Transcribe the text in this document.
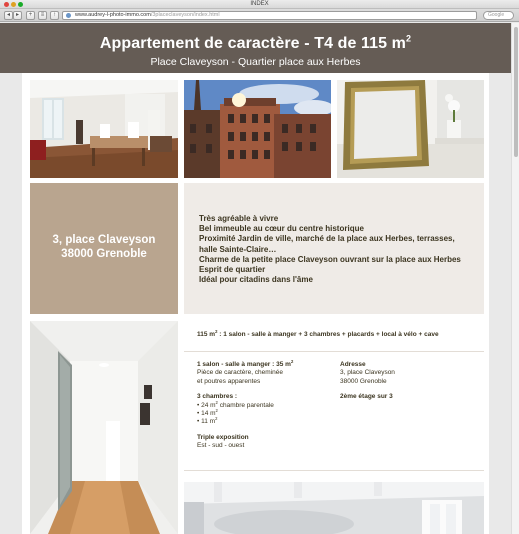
INDEX
◂ ▸	+	≡	↑	www.audrey-l-photo-immo.com/3placeclaveyson/index.html	Google
Appartement de caractère - T4 de 115 $m^2$
Place Claveyson - Quartier place aux Herbes
3, place Claveyson
38000 Grenoble
Très agréable à vivre
Bel immeuble au cœur du centre historique
Proximité Jardin de ville, marché de la place aux Herbes, terrasses,
halle Sainte-Claire…
Charme de la petite place Claveyson ouvrant sur la place aux Herbes
Esprit de quartier
Idéal pour citadins dans l'âme
115 $m^2$ : 1 salon - salle à manger + 3 chambres + placards + local à vélo + cave
1 salon - salle à manger : 35 $m^2$
Pièce de caractère, cheminée
et poutres apparentes
3 chambres :
• 24 $m^2$ chambre parentale
• 14 $m^2$
• 11 $m^2$
Triple exposition
Est - sud - ouest
Adresse
3, place Claveyson
38000 Grenoble
2ème étage sur 3
